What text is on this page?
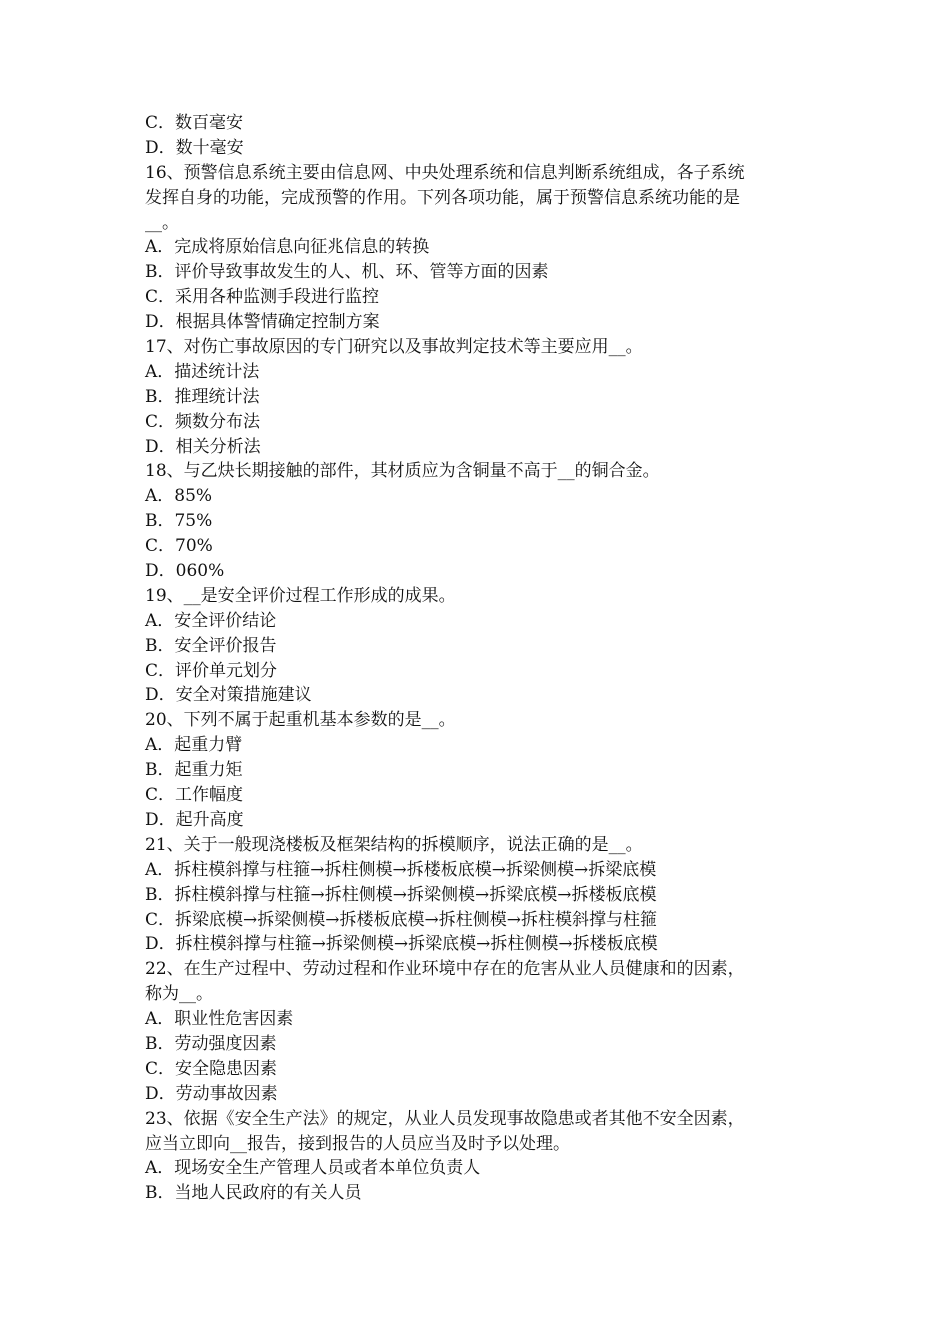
C．数百毫安
D．数十毫安
16、预警信息系统主要由信息网、中央处理系统和信息判断系统组成，各子系统
发挥自身的功能，完成预警的作用。下列各项功能，属于预警信息系统功能的是
__。
A．完成将原始信息向征兆信息的转换
B．评价导致事故发生的人、机、环、管等方面的因素
C．采用各种监测手段进行监控
D．根据具体警情确定控制方案
17、对伤亡事故原因的专门研究以及事故判定技术等主要应用__。
A．描述统计法
B．推理统计法
C．频数分布法
D．相关分析法
18、与乙炔长期接触的部件，其材质应为含铜量不高于__的铜合金。
A．85%
B．75%
C．70%
D．060%
19、__是安全评价过程工作形成的成果。
A．安全评价结论
B．安全评价报告
C．评价单元划分
D．安全对策措施建议
20、下列不属于起重机基本参数的是__。
A．起重力臂
B．起重力矩
C．工作幅度
D．起升高度
21、关于一般现浇楼板及框架结构的拆模顺序，说法正确的是__。
A．拆柱模斜撑与柱箍→拆柱侧模→拆楼板底模→拆梁侧模→拆梁底模
B．拆柱模斜撑与柱箍→拆柱侧模→拆梁侧模→拆梁底模→拆楼板底模
C．拆梁底模→拆梁侧模→拆楼板底模→拆柱侧模→拆柱模斜撑与柱箍
D．拆柱模斜撑与柱箍→拆梁侧模→拆梁底模→拆柱侧模→拆楼板底模
22、在生产过程中、劳动过程和作业环境中存在的危害从业人员健康和的因素，
称为__。
A．职业性危害因素
B．劳动强度因素
C．安全隐患因素
D．劳动事故因素
23、依据《安全生产法》的规定，从业人员发现事故隐患或者其他不安全因素，
应当立即向__报告，接到报告的人员应当及时予以处理。
A．现场安全生产管理人员或者本单位负责人
B．当地人民政府的有关人员
